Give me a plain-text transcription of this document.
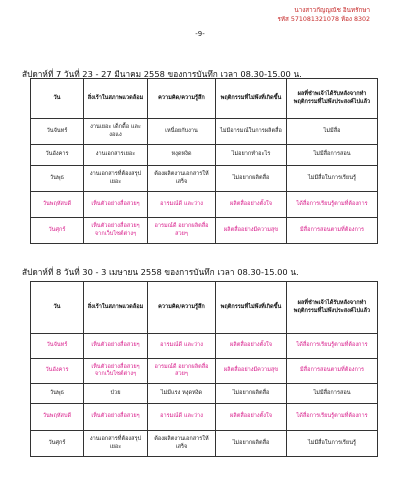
นางสาวกัญญณัช อินทรักษา
รหัส 571081321078 ห้อง 8302
-9-
สัปดาห์ที่ 7 วันที่ 23 - 27 มีนาคม 2558 ของการบันทึก เวลา 08.30-15.00 น.
วัน	สิ่งเร้าในสภาพแวดล้อม	ความคิด/ความรู้สึก	พฤติกรรมที่ไม่พึงที่เกิดขึ้น	ผลที่ชำพเจ้าได้รับหลังจากทำพฤติกรรมที่ไม่พึงประสงค์ไปแล้ว
วันจันทร์	งานเยอะ เด็กดื้อ และงอแง	เหนื่อยกับงาน	ไม่มีอารมณ์ในการผลิตสื่อ	ไม่มีสื่อ
วันอังคาร	งานเอกสารเยอะ	หงุดหงิด	ไม่อยากทำอะไร	ไม่มีสื่อการสอน
วันพุธ	งานเอกสารที่ต้องสรุปเยอะ	ต้องผลิตงานเอกสารให้เสร็จ	ไม่อยากผลิตสื่อ	ไม่มีสื่อในการเรียนรู้
วันพฤหัสบดี	เห็นตัวอย่างสื่อสวยๆ	อารมณ์ดี และว่าง	ผลิตสื่ออย่างตั้งใจ	ได้สื่อการเรียนรู้ตามที่ต้องการ
วันศุกร์	เห็นตัวอย่างสื่อสวยๆ จากเว็บไซต์ต่างๆ	อารมณ์ดี อยากผลิตสื่อสวยๆ	ผลิตสื่ออย่างมีความสุข	มีสื่อการสอนตามที่ต้องการ
สัปดาห์ที่ 8 วันที่ 30 - 3 เมษายน 2558 ของการบันทึก เวลา 08.30-15.00 น.
วัน	สิ่งเร้าในสภาพแวดล้อม	ความคิด/ความรู้สึก	พฤติกรรมที่ไม่พึงที่เกิดขึ้น	ผลที่ชำพเจ้าได้รับหลังจากทำพฤติกรรมที่ไม่พึงประสงค์ไปแล้ว
วันจันทร์	เห็นตัวอย่างสื่อสวยๆ	อารมณ์ดี และว่าง	ผลิตสื่ออย่างตั้งใจ	ได้สื่อการเรียนรู้ตามที่ต้องการ
วันอังคาร	เห็นตัวอย่างสื่อสวยๆ จากเว็บไซต์ต่างๆ	อารมณ์ดี อยากผลิตสื่อสวยๆ	ผลิตสื่ออย่างมีความสุข	มีสื่อการสอนตามที่ต้องการ
วันพุธ	ป่วย	ไม่มีแรง หงุดหงิด	ไม่อยากผลิตสื่อ	ไม่มีสื่อการสอน
วันพฤหัสบดี	เห็นตัวอย่างสื่อสวยๆ	อารมณ์ดี และว่าง	ผลิตสื่ออย่างตั้งใจ	ได้สื่อการเรียนรู้ตามที่ต้องการ
วันศุกร์	งานเอกสารที่ต้องสรุปเยอะ	ต้องผลิตงานเอกสารให้เสร็จ	ไม่อยากผลิตสื่อ	ไม่มีสื่อในการเรียนรู้
